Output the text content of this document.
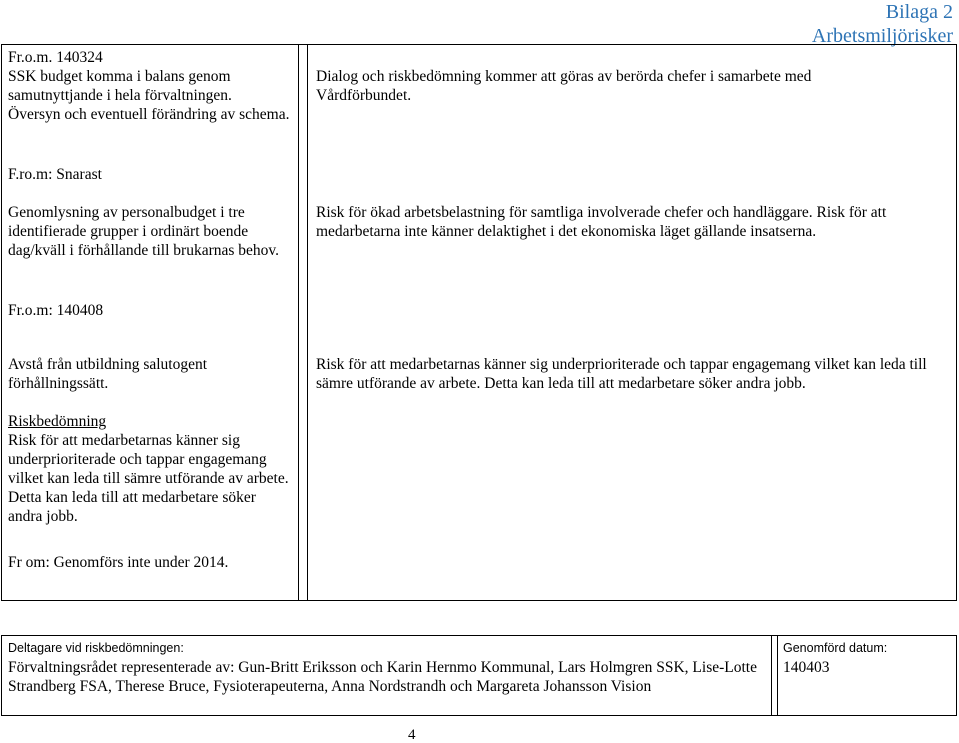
Bilaga 2
Arbetsmiljörisker

Fr.o.m. 140324

SSK budget komma i balans genom samutnyttjande i hela förvaltningen.

Översyn och eventuell förändring av schema.

F.ro.m: Snarast
Genomlysning av personalbudget i tre identifierade grupper i ordinärt boende dag/kväll i förhållande till brukarnas behov.
Fr.o.m: 140408

Avstå från utbildning salutogent förhållningssätt.

Riskbedömning

Risk för att medarbetarnas känner sig underprioriterade och tappar engagemang vilket kan leda till sämre utförande av arbete. Detta kan leda till att medarbetare söker andra jobb.

Fr om: Genomförs inte under 2014.
Dialog och riskbedömning kommer att göras av berörda chefer i samarbete med Vårdförbundet.
Risk för ökad arbetsbelastning för samtliga involverade chefer och handläggare. Risk för att medarbetarna inte känner delaktighet i det ekonomiska läget gällande insatserna.
Risk för att medarbetarnas känner sig underprioriterade och tappar engagemang vilket kan leda till sämre utförande av arbete. Detta kan leda till att medarbetare söker andra jobb.
Deltagare vid riskbedömningen:
Förvaltningsrådet representerade av: Gun-Britt Eriksson och Karin Hernmo Kommunal, Lars Holmgren SSK, Lise-Lotte Strandberg FSA, Therese Bruce, Fysioterapeuterna, Anna Nordstrandh och Margareta Johansson Vision
Genomförd datum:
140403
4
